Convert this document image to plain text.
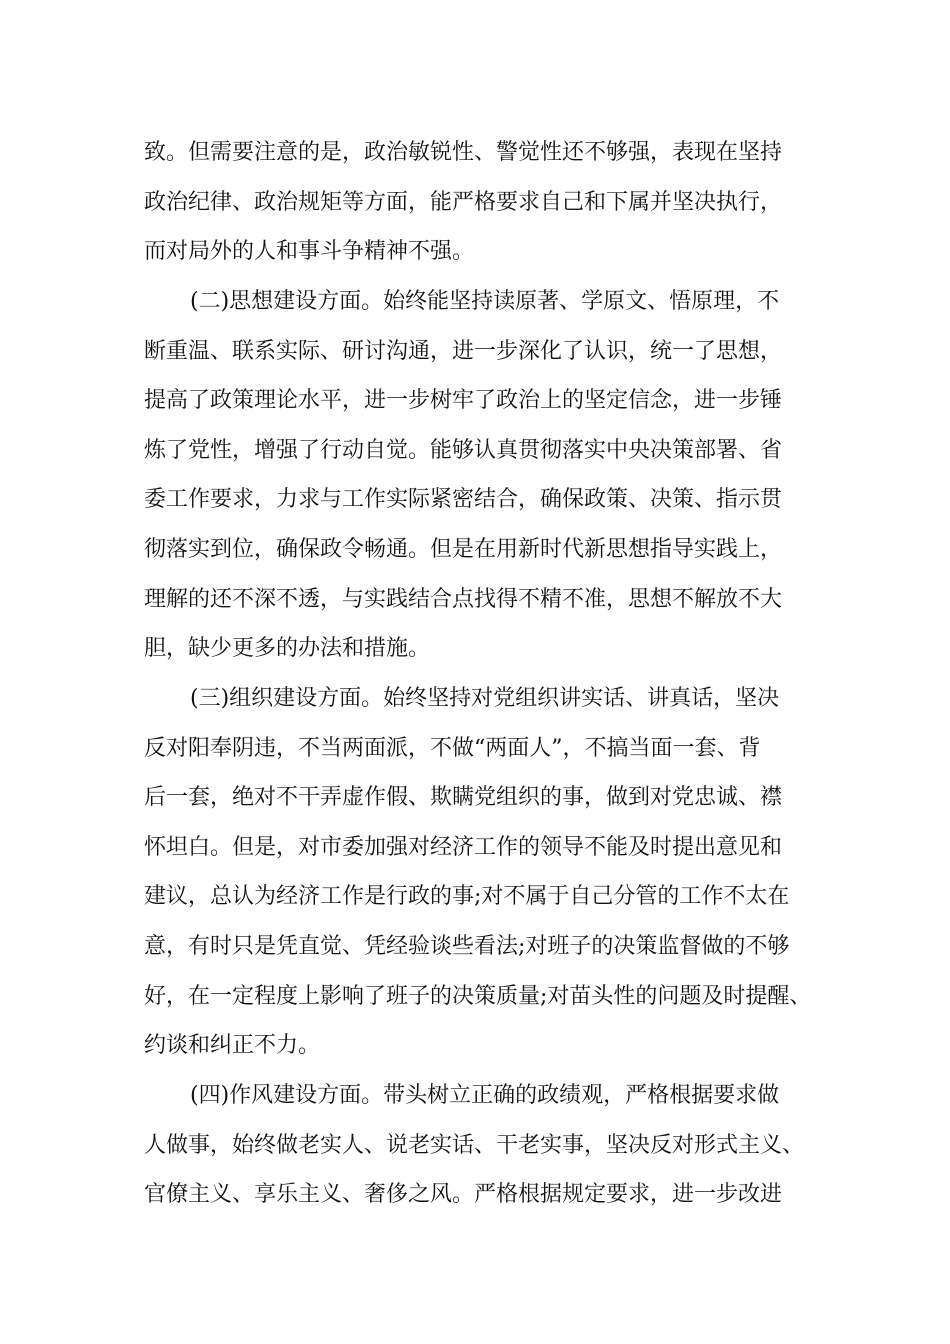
致。但需要注意的是，政治敏锐性、警觉性还不够强，表现在坚持
政治纪律、政治规矩等方面，能严格要求自己和下属并坚决执行，
而对局外的人和事斗争精神不强。
(二)思想建设方面。始终能坚持读原著、学原文、悟原理，不
断重温、联系实际、研讨沟通，进一步深化了认识，统一了思想，
提高了政策理论水平，进一步树牢了政治上的坚定信念，进一步锤
炼了党性，增强了行动自觉。能够认真贯彻落实中央决策部署、省
委工作要求，力求与工作实际紧密结合，确保政策、决策、指示贯
彻落实到位，确保政令畅通。但是在用新时代新思想指导实践上，
理解的还不深不透，与实践结合点找得不精不准，思想不解放不大
胆，缺少更多的办法和措施。
(三)组织建设方面。始终坚持对党组织讲实话、讲真话，坚决
反对阳奉阴违，不当两面派，不做“两面人”，不搞当面一套、背
后一套，绝对不干弄虚作假、欺瞒党组织的事，做到对党忠诚、襟
怀坦白。但是，对市委加强对经济工作的领导不能及时提出意见和
建议，总认为经济工作是行政的事;对不属于自己分管的工作不太在
意，有时只是凭直觉、凭经验谈些看法;对班子的决策监督做的不够
好，在一定程度上影响了班子的决策质量;对苗头性的问题及时提醒、
约谈和纠正不力。
(四)作风建设方面。带头树立正确的政绩观，严格根据要求做
人做事，始终做老实人、说老实话、干老实事，坚决反对形式主义、
官僚主义、享乐主义、奢侈之风。严格根据规定要求，进一步改进
